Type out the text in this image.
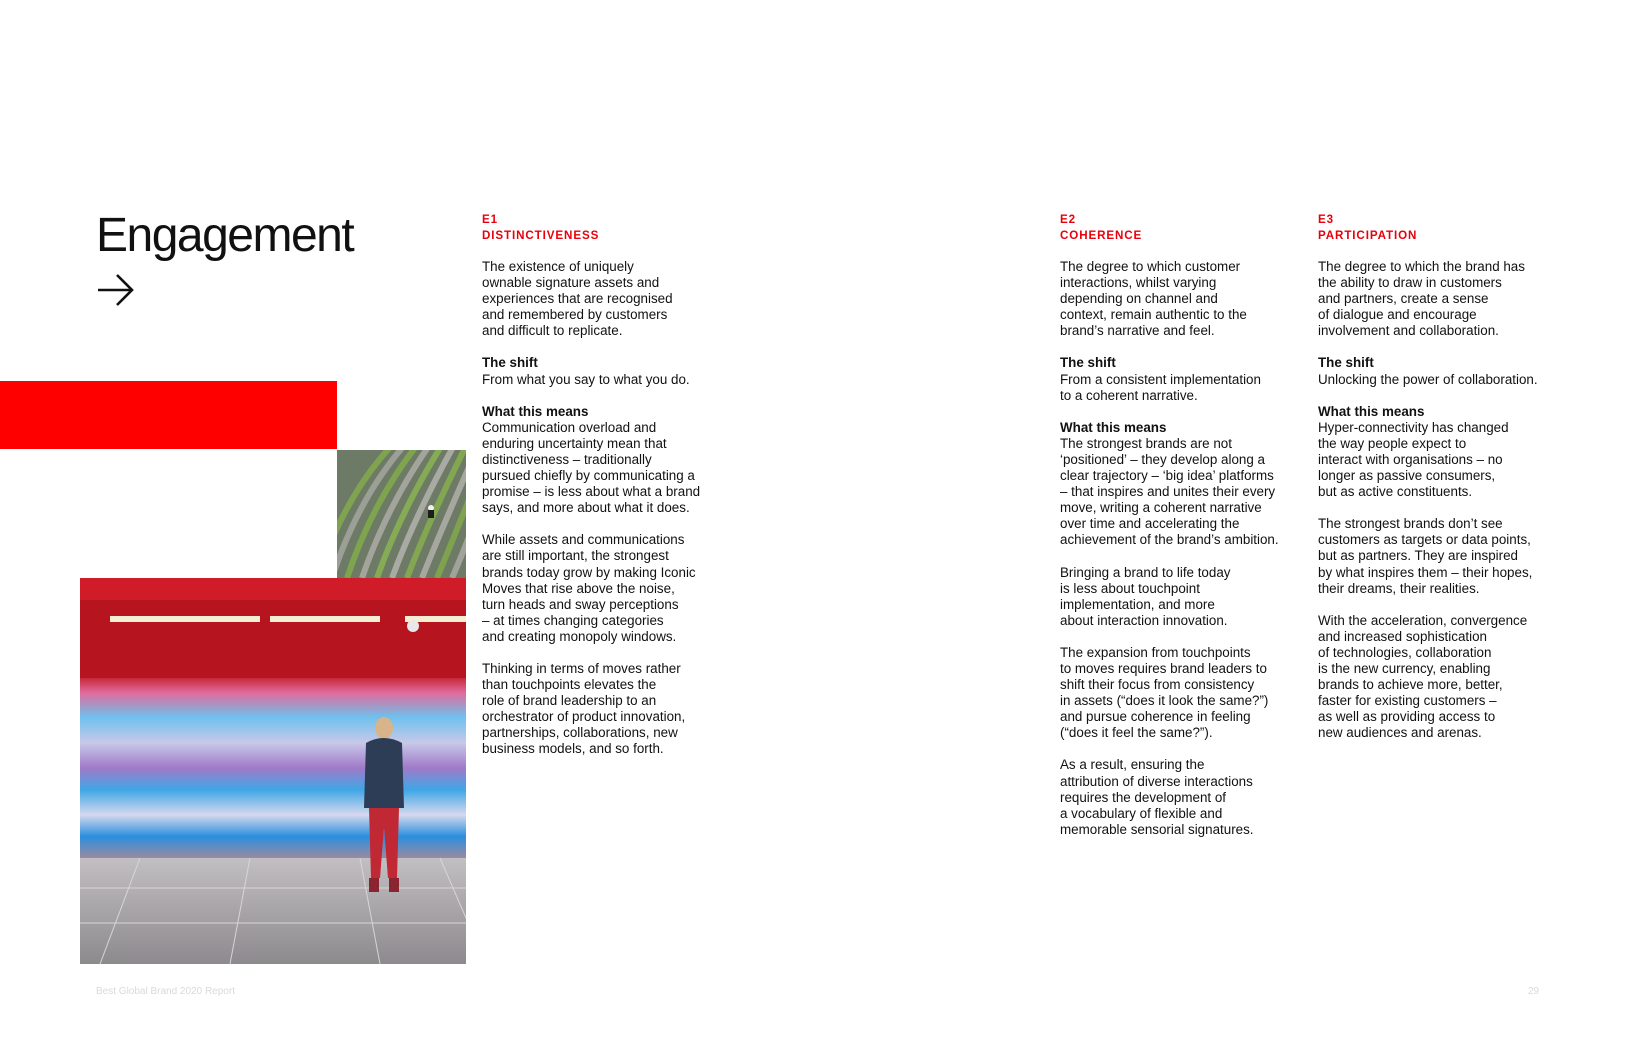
Engagement	E1
DISTINCTIVENESS

The existence of uniquely
ownable signature assets and
experiences that are recognised
and remembered by customers
and difficult to replicate.

The shift
From what you say to what you do.
What this means

Communication overload and
enduring uncertainty mean that
distinctiveness – traditionally
pursued chiefly by communicating a
promise – is less about what a brand
says, and more about what it does.

While assets and communications
are still important, the strongest
brands today grow by making Iconic
Moves that rise above the noise,
turn heads and sway perceptions
– at times changing categories
and creating monopoly windows.

Thinking in terms of moves rather
than touchpoints elevates the
role of brand leadership to an
orchestrator of product innovation,
partnerships, collaborations, new
business models, and so forth.

E2
COHERENCE

The degree to which customer
interactions, whilst varying
depending on channel and
context, remain authentic to the
brand’s narrative and feel.

The shift
From a consistent implementation
to a coherent narrative.
What this means

The strongest brands are not
‘positioned’ – they develop along a
clear trajectory – ‘big idea’ platforms
– that inspires and unites their every
move, writing a coherent narrative
over time and accelerating the
achievement of the brand’s ambition.

Bringing a brand to life today
is less about touchpoint
implementation, and more
about interaction innovation.

The expansion from touchpoints
to moves requires brand leaders to
shift their focus from consistency
in assets (“does it look the same?”)
and pursue coherence in feeling
(“does it feel the same?”).

As a result, ensuring the
attribution of diverse interactions
requires the development of
a vocabulary of flexible and
memorable sensorial signatures.

E3
PARTICIPATION

The degree to which the brand has
the ability to draw in customers
and partners, create a sense
of dialogue and encourage
involvement and collaboration.

The shift
Unlocking the power of collaboration.
What this means

Hyper-connectivity has changed
the way people expect to
interact with organisations – no
longer as passive consumers,
but as active constituents.

The strongest brands don’t see
customers as targets or data points,
but as partners. They are inspired
by what inspires them – their hopes,
their dreams, their realities.

With the acceleration, convergence
and increased sophistication
of technologies, collaboration
is the new currency, enabling
brands to achieve more, better,
faster for existing customers –
as well as providing access to
new audiences and arenas.

Best Global Brand 2020 Report	29
